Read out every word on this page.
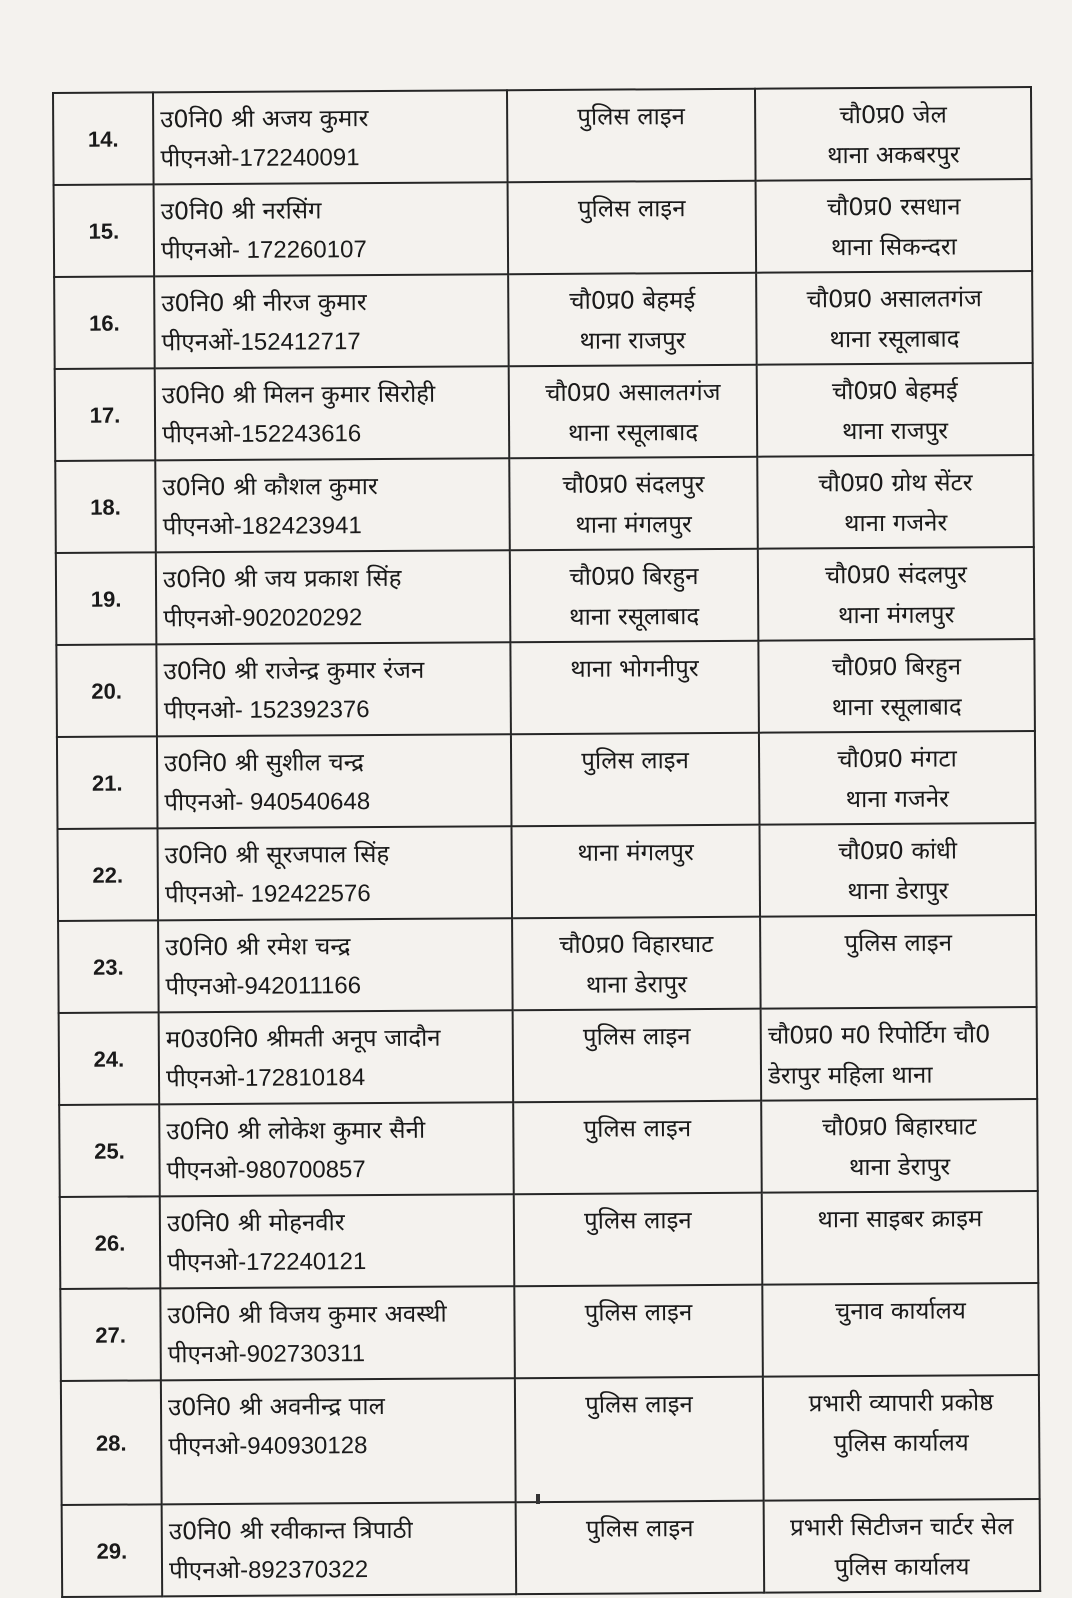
14.	उ0नि0 श्री अजय कुमार
पीएनओ-172240091	पुलिस लाइन	चौ0प्र0 जेल
थाना अकबरपुर

15.	उ0नि0 श्री नरसिंग
पीएनओ- 172260107	पुलिस लाइन	चौ0प्र0 रसधान
थाना सिकन्दरा

16.	उ0नि0 श्री नीरज कुमार
पीएनओं-152412717	चौ0प्र0 बेहमई
थाना राजपुर	चौ0प्र0 असालतगंज
थाना रसूलाबाद

17.	उ0नि0 श्री मिलन कुमार सिरोही
पीएनओ-152243616	चौ0प्र0 असालतगंज
थाना रसूलाबाद	चौ0प्र0 बेहमई
थाना राजपुर

18.	उ0नि0 श्री कौशल कुमार
पीएनओ-182423941	चौ0प्र0 संदलपुर
थाना मंगलपुर	चौ0प्र0 ग्रोथ सेंटर
थाना गजनेर

19.	उ0नि0 श्री जय प्रकाश सिंह
पीएनओ-902020292	चौ0प्र0 बिरहुन
थाना रसूलाबाद	चौ0प्र0 संदलपुर
थाना मंगलपुर

20.	उ0नि0 श्री राजेन्द्र कुमार रंजन
पीएनओ- 152392376	थाना भोगनीपुर	चौ0प्र0 बिरहुन
थाना रसूलाबाद

21.	उ0नि0 श्री सुशील चन्द्र
पीएनओ- 940540648	पुलिस लाइन	चौ0प्र0 मंगटा
थाना गजनेर

22.	उ0नि0 श्री सूरजपाल सिंह
पीएनओ- 192422576	थाना मंगलपुर	चौ0प्र0 कांधी
थाना डेरापुर

23.	उ0नि0 श्री रमेश चन्द्र
पीएनओ-942011166	चौ0प्र0 विहारघाट
थाना डेरापुर	पुलिस लाइन

24.	म0उ0नि0 श्रीमती अनूप जादौन
पीएनओ-172810184	पुलिस लाइन	चौ0प्र0 म0 रिपोर्टिग चौ0
डेरापुर महिला थाना

25.	उ0नि0 श्री लोकेश कुमार सैनी
पीएनओ-980700857	पुलिस लाइन	चौ0प्र0 बिहारघाट
थाना डेरापुर

26.	उ0नि0 श्री मोहनवीर
पीएनओ-172240121	पुलिस लाइन	थाना साइबर क्राइम

27.	उ0नि0 श्री विजय कुमार अवस्थी
पीएनओ-902730311	पुलिस लाइन	चुनाव कार्यालय

28.	उ0नि0 श्री अवनीन्द्र पाल
पीएनओ-940930128	पुलिस लाइन	प्रभारी व्यापारी प्रकोष्ठ
पुलिस कार्यालय

29.	उ0नि0 श्री रवीकान्त त्रिपाठी
पीएनओ-892370322	पुलिस लाइन	प्रभारी सिटीजन चार्टर सेल
पुलिस कार्यालय
